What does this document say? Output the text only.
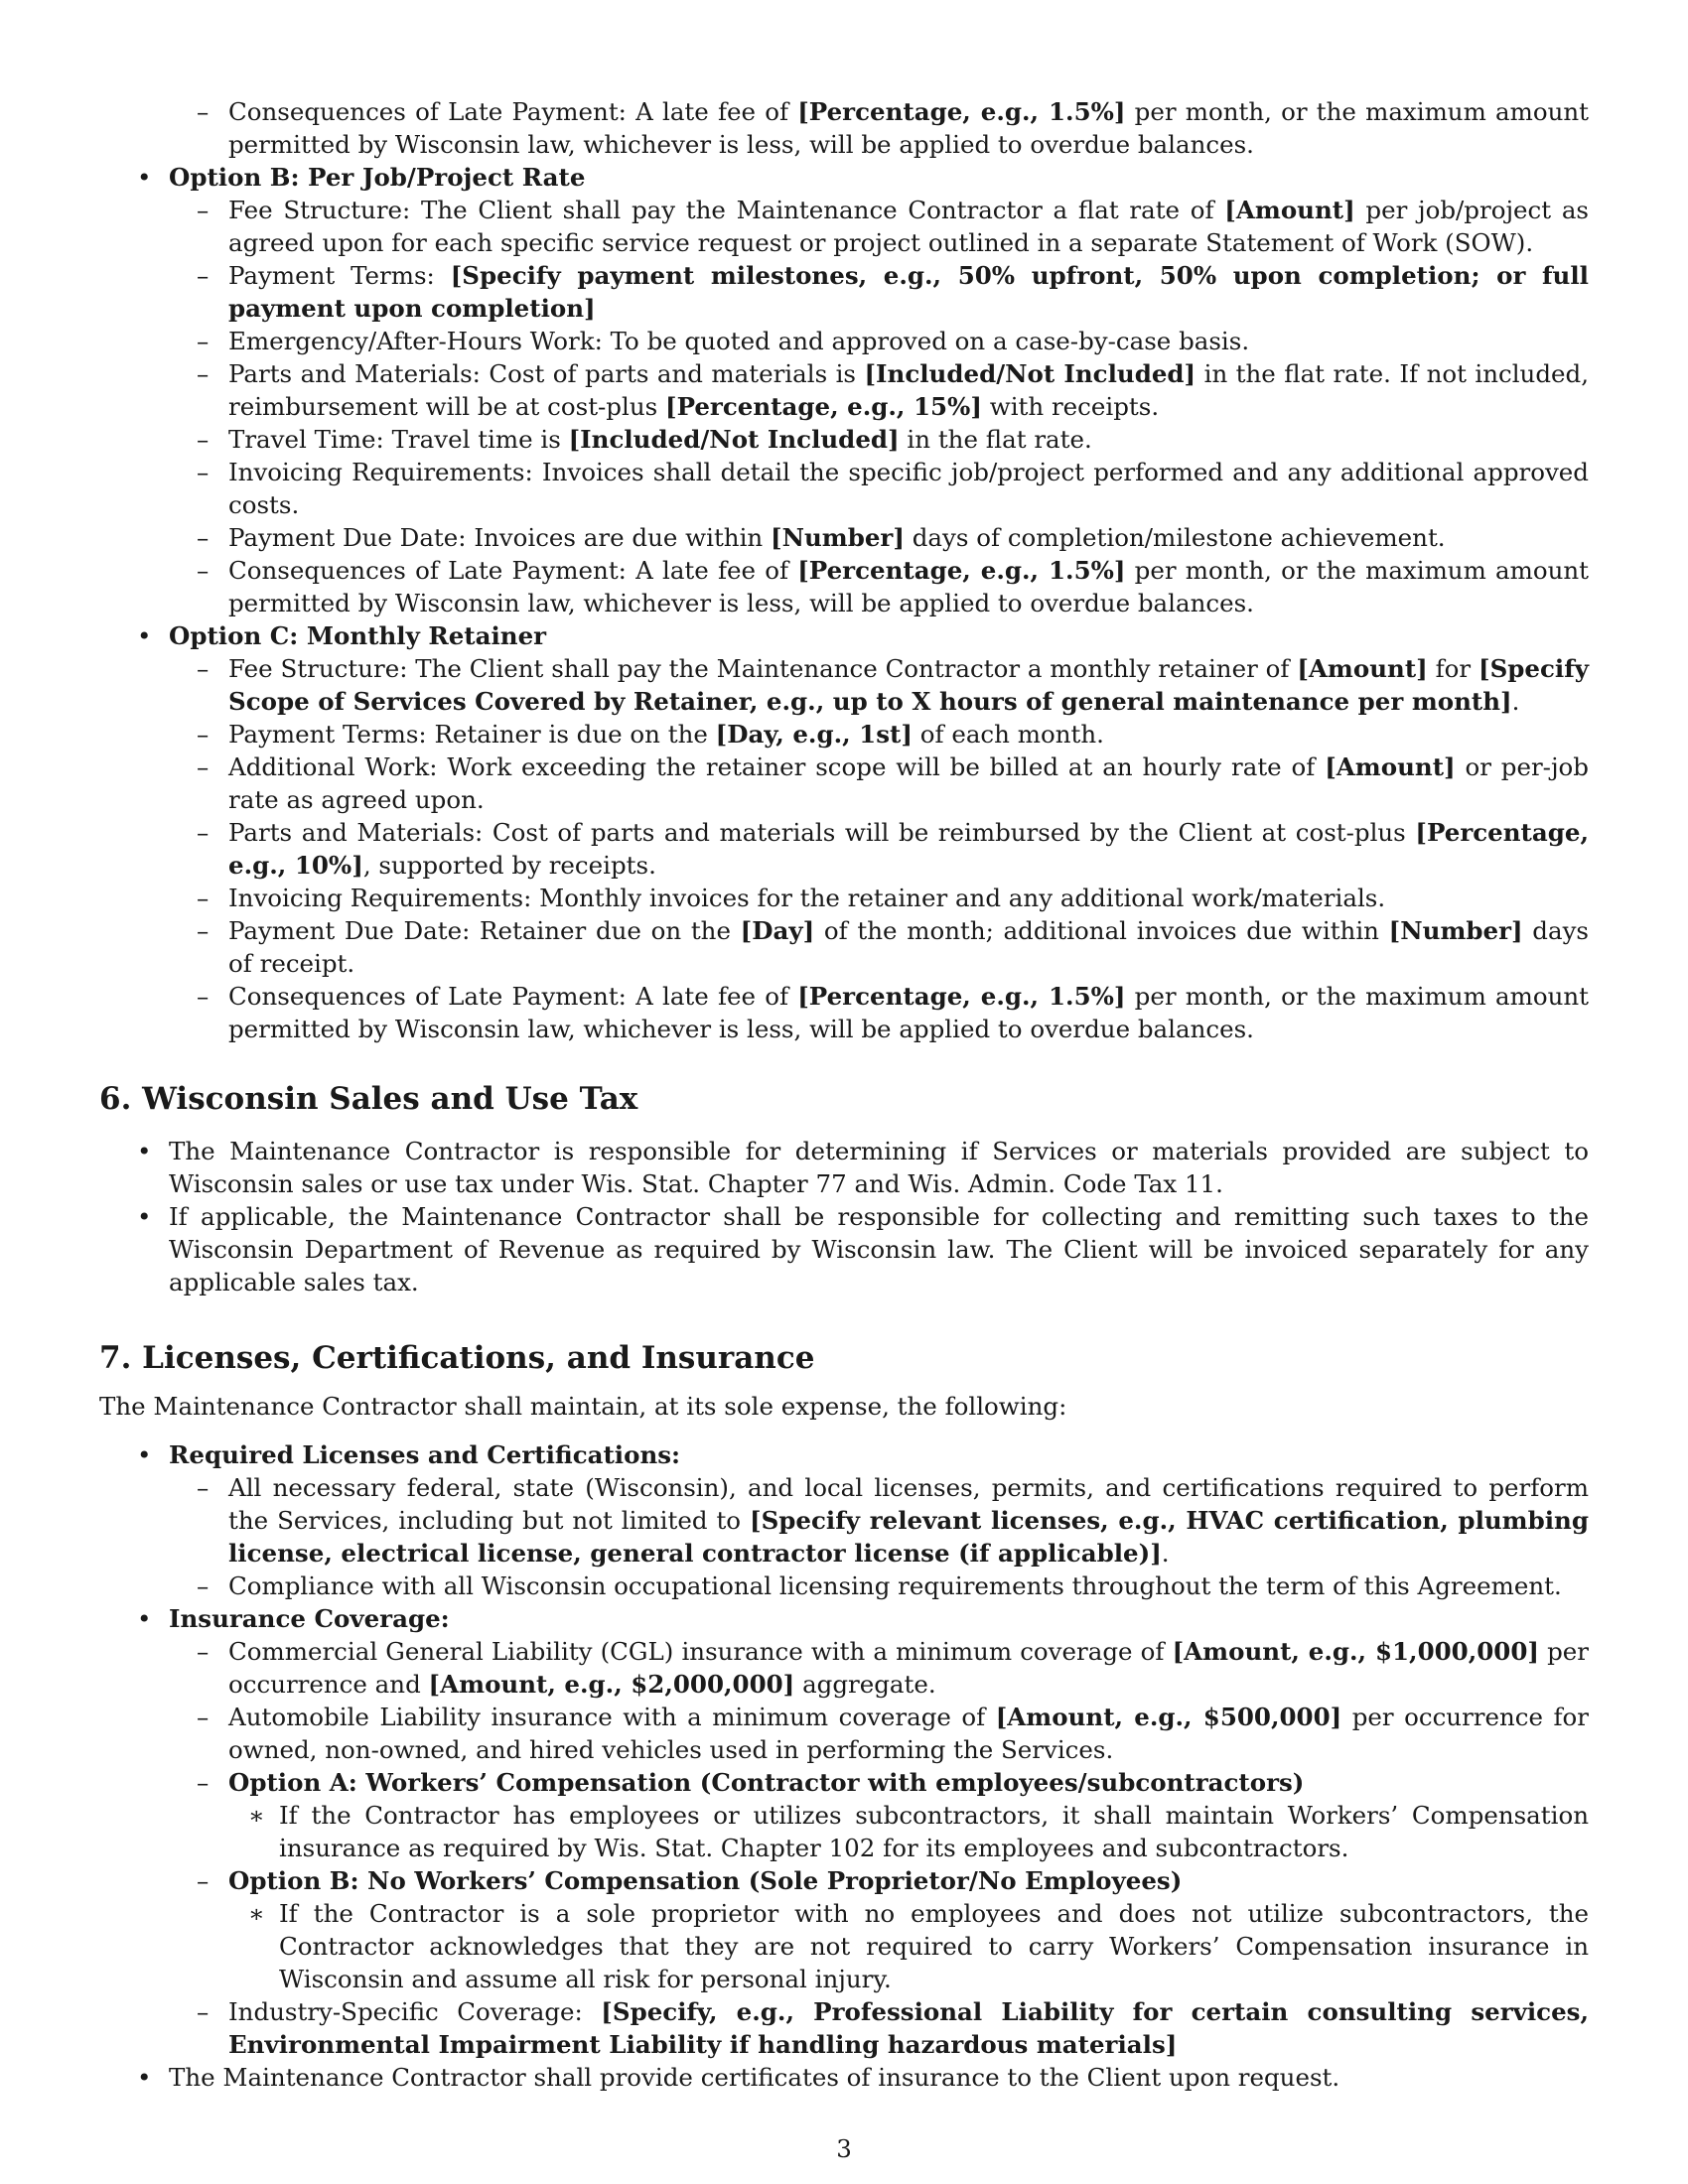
– Consequences of Late Payment: A late fee of [Percentage, e.g., 1.5%] per month, or the maximum amount permitted by Wisconsin law, whichever is less, will be applied to overdue balances.

• Option B: Per Job/Project Rate

– Fee Structure: The Client shall pay the Maintenance Contractor a flat rate of [Amount] per job/project as agreed upon for each specific service request or project outlined in a separate Statement of Work (SOW).

– Payment Terms: [Specify payment milestones, e.g., 50% upfront, 50% upon completion; or full payment upon completion]

– Emergency/After-Hours Work: To be quoted and approved on a case-by-case basis.

– Parts and Materials: Cost of parts and materials is [Included/Not Included] in the flat rate. If not included, reimbursement will be at cost-plus [Percentage, e.g., 15%] with receipts.

– Travel Time: Travel time is [Included/Not Included] in the flat rate.

– Invoicing Requirements: Invoices shall detail the specific job/project performed and any additional approved costs.

– Payment Due Date: Invoices are due within [Number] days of completion/milestone achievement.

– Consequences of Late Payment: A late fee of [Percentage, e.g., 1.5%] per month, or the maximum amount permitted by Wisconsin law, whichever is less, will be applied to overdue balances.

• Option C: Monthly Retainer

– Fee Structure: The Client shall pay the Maintenance Contractor a monthly retainer of [Amount] for [Specify Scope of Services Covered by Retainer, e.g., up to X hours of general maintenance per month].

– Payment Terms: Retainer is due on the [Day, e.g., 1st] of each month.

– Additional Work: Work exceeding the retainer scope will be billed at an hourly rate of [Amount] or per-job rate as agreed upon.

– Parts and Materials: Cost of parts and materials will be reimbursed by the Client at cost-plus [Percentage, e.g., 10%], supported by receipts.

– Invoicing Requirements: Monthly invoices for the retainer and any additional work/materials.

– Payment Due Date: Retainer due on the [Day] of the month; additional invoices due within [Number] days of receipt.

– Consequences of Late Payment: A late fee of [Percentage, e.g., 1.5%] per month, or the maximum amount permitted by Wisconsin law, whichever is less, will be applied to overdue balances.

6. Wisconsin Sales and Use Tax

• The Maintenance Contractor is responsible for determining if Services or materials provided are subject to Wisconsin sales or use tax under Wis. Stat. Chapter 77 and Wis. Admin. Code Tax 11.

• If applicable, the Maintenance Contractor shall be responsible for collecting and remitting such taxes to the Wisconsin Department of Revenue as required by Wisconsin law. The Client will be invoiced separately for any applicable sales tax.

7. Licenses, Certifications, and Insurance

The Maintenance Contractor shall maintain, at its sole expense, the following:

• Required Licenses and Certifications:

– All necessary federal, state (Wisconsin), and local licenses, permits, and certifications required to perform the Services, including but not limited to [Specify relevant licenses, e.g., HVAC certification, plumbing license, electrical license, general contractor license (if applicable)].

– Compliance with all Wisconsin occupational licensing requirements throughout the term of this Agreement.

• Insurance Coverage:

– Commercial General Liability (CGL) insurance with a minimum coverage of [Amount, e.g., $1,000,000] per occurrence and [Amount, e.g., $2,000,000] aggregate.

– Automobile Liability insurance with a minimum coverage of [Amount, e.g., $500,000] per occurrence for owned, non-owned, and hired vehicles used in performing the Services.

– Option A: Workers’ Compensation (Contractor with employees/subcontractors)

∗ If the Contractor has employees or utilizes subcontractors, it shall maintain Workers’ Compensation insurance as required by Wis. Stat. Chapter 102 for its employees and subcontractors.

– Option B: No Workers’ Compensation (Sole Proprietor/No Employees)

∗ If the Contractor is a sole proprietor with no employees and does not utilize subcontractors, the Contractor acknowledges that they are not required to carry Workers’ Compensation insurance in Wisconsin and assume all risk for personal injury.

– Industry-Specific Coverage: [Specify, e.g., Professional Liability for certain consulting services, Environmental Impairment Liability if handling hazardous materials]

• The Maintenance Contractor shall provide certificates of insurance to the Client upon request.

3
